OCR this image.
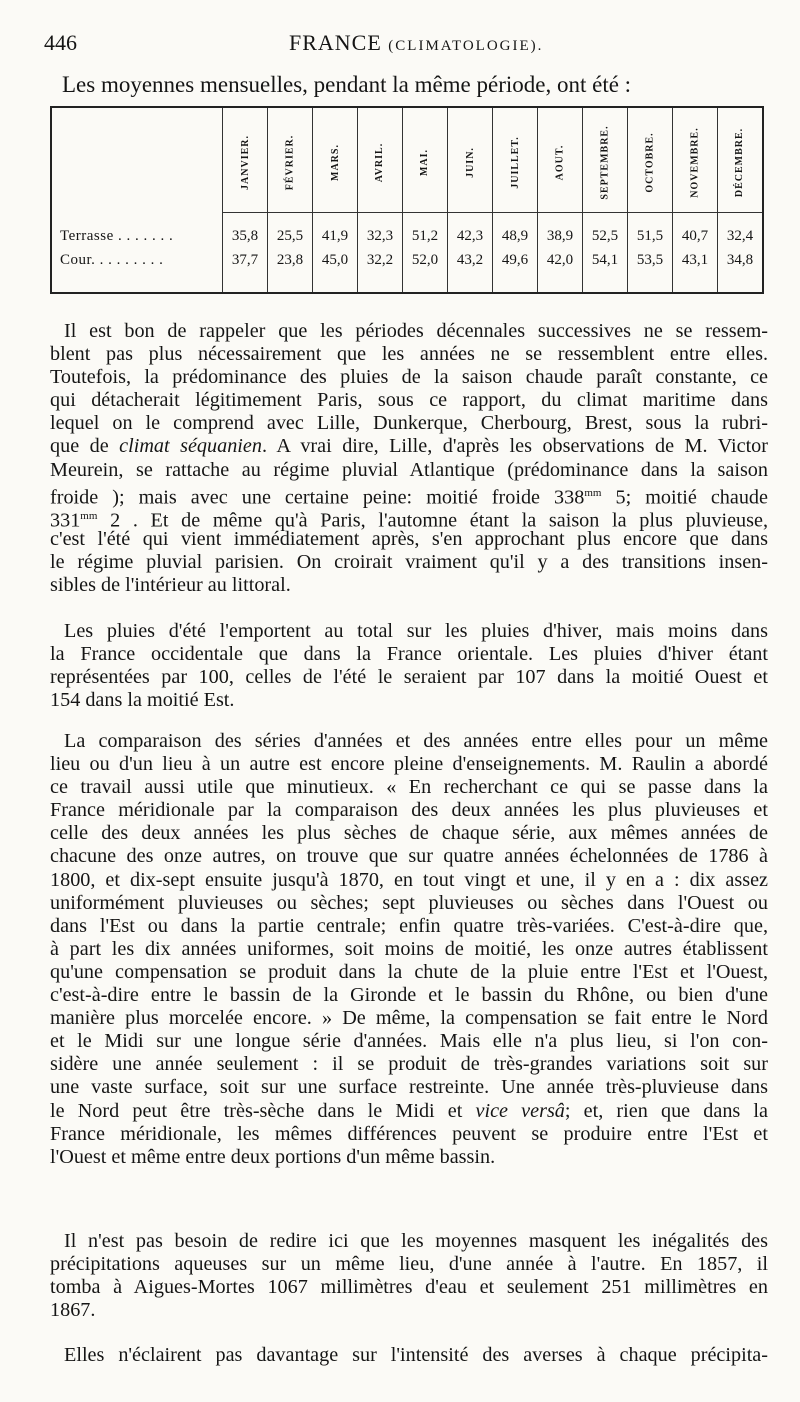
446	FRANCE (CLIMATOLOGIE).
Les moyennes mensuelles, pendant la même période, ont été :
Terrasse . . . . . . .
Cour. . . . . . . . .
JANVIER.
35,8
37,7
FÉVRIER.
25,5
23,8
MARS.
41,9
45,0
AVRIL.
32,3
32,2
MAI.
51,2
52,0
JUIN.
42,3
43,2
JUILLET.
48,9
49,6
AOUT.
38,9
42,0
SEPTEMBRE.
52,5
54,1
OCTOBRE.
51,5
53,5
NOVEMBRE.
40,7
43,1
DÉCEMBRE.
32,4
34,8
Il est bon de rappeler que les périodes décennales successives ne se ressem-
blent pas plus nécessairement que les années ne se ressemblent entre elles.
Toutefois, la prédominance des pluies de la saison chaude paraît constante, ce
qui détacherait légitimement Paris, sous ce rapport, du climat maritime dans
lequel on le comprend avec Lille, Dunkerque, Cherbourg, Brest, sous la rubri-
que de climat séquanien. A vrai dire, Lille, d'après les observations de M. Victor
Meurein, se rattache au régime pluvial Atlantique (prédominance dans la saison
froide ); mais avec une certaine peine: moitié froide $338^{mm}$ 5; moitié chaude
$331^{mm}$ 2 . Et de même qu'à Paris, l'automne étant la saison la plus pluvieuse,
c'est l'été qui vient immédiatement après, s'en approchant plus encore que dans
le régime pluvial parisien. On croirait vraiment qu'il y a des transitions insen-
sibles de l'intérieur au littoral.
Les pluies d'été l'emportent au total sur les pluies d'hiver, mais moins dans
la France occidentale que dans la France orientale. Les pluies d'hiver étant
représentées par 100, celles de l'été le seraient par 107 dans la moitié Ouest et
154 dans la moitié Est.
La comparaison des séries d'années et des années entre elles pour un même
lieu ou d'un lieu à un autre est encore pleine d'enseignements. M. Raulin a abordé
ce travail aussi utile que minutieux. « En recherchant ce qui se passe dans la
France méridionale par la comparaison des deux années les plus pluvieuses et
celle des deux années les plus sèches de chaque série, aux mêmes années de
chacune des onze autres, on trouve que sur quatre années échelonnées de 1786 à
1800, et dix-sept ensuite jusqu'à 1870, en tout vingt et une, il y en a : dix assez
uniformément pluvieuses ou sèches; sept pluvieuses ou sèches dans l'Ouest ou
dans l'Est ou dans la partie centrale; enfin quatre très-variées. C'est-à-dire que,
à part les dix années uniformes, soit moins de moitié, les onze autres établissent
qu'une compensation se produit dans la chute de la pluie entre l'Est et l'Ouest,
c'est-à-dire entre le bassin de la Gironde et le bassin du Rhône, ou bien d'une
manière plus morcelée encore. » De même, la compensation se fait entre le Nord
et le Midi sur une longue série d'années. Mais elle n'a plus lieu, si l'on con-
sidère une année seulement : il se produit de très-grandes variations soit sur
une vaste surface, soit sur une surface restreinte. Une année très-pluvieuse dans
le Nord peut être très-sèche dans le Midi et vice versâ; et, rien que dans la
France méridionale, les mêmes différences peuvent se produire entre l'Est et
l'Ouest et même entre deux portions d'un même bassin.
Il n'est pas besoin de redire ici que les moyennes masquent les inégalités des
précipitations aqueuses sur un même lieu, d'une année à l'autre. En 1857, il
tomba à Aigues-Mortes 1067 millimètres d'eau et seulement 251 millimètres en
1867.
Elles n'éclairent pas davantage sur l'intensité des averses à chaque précipita-
